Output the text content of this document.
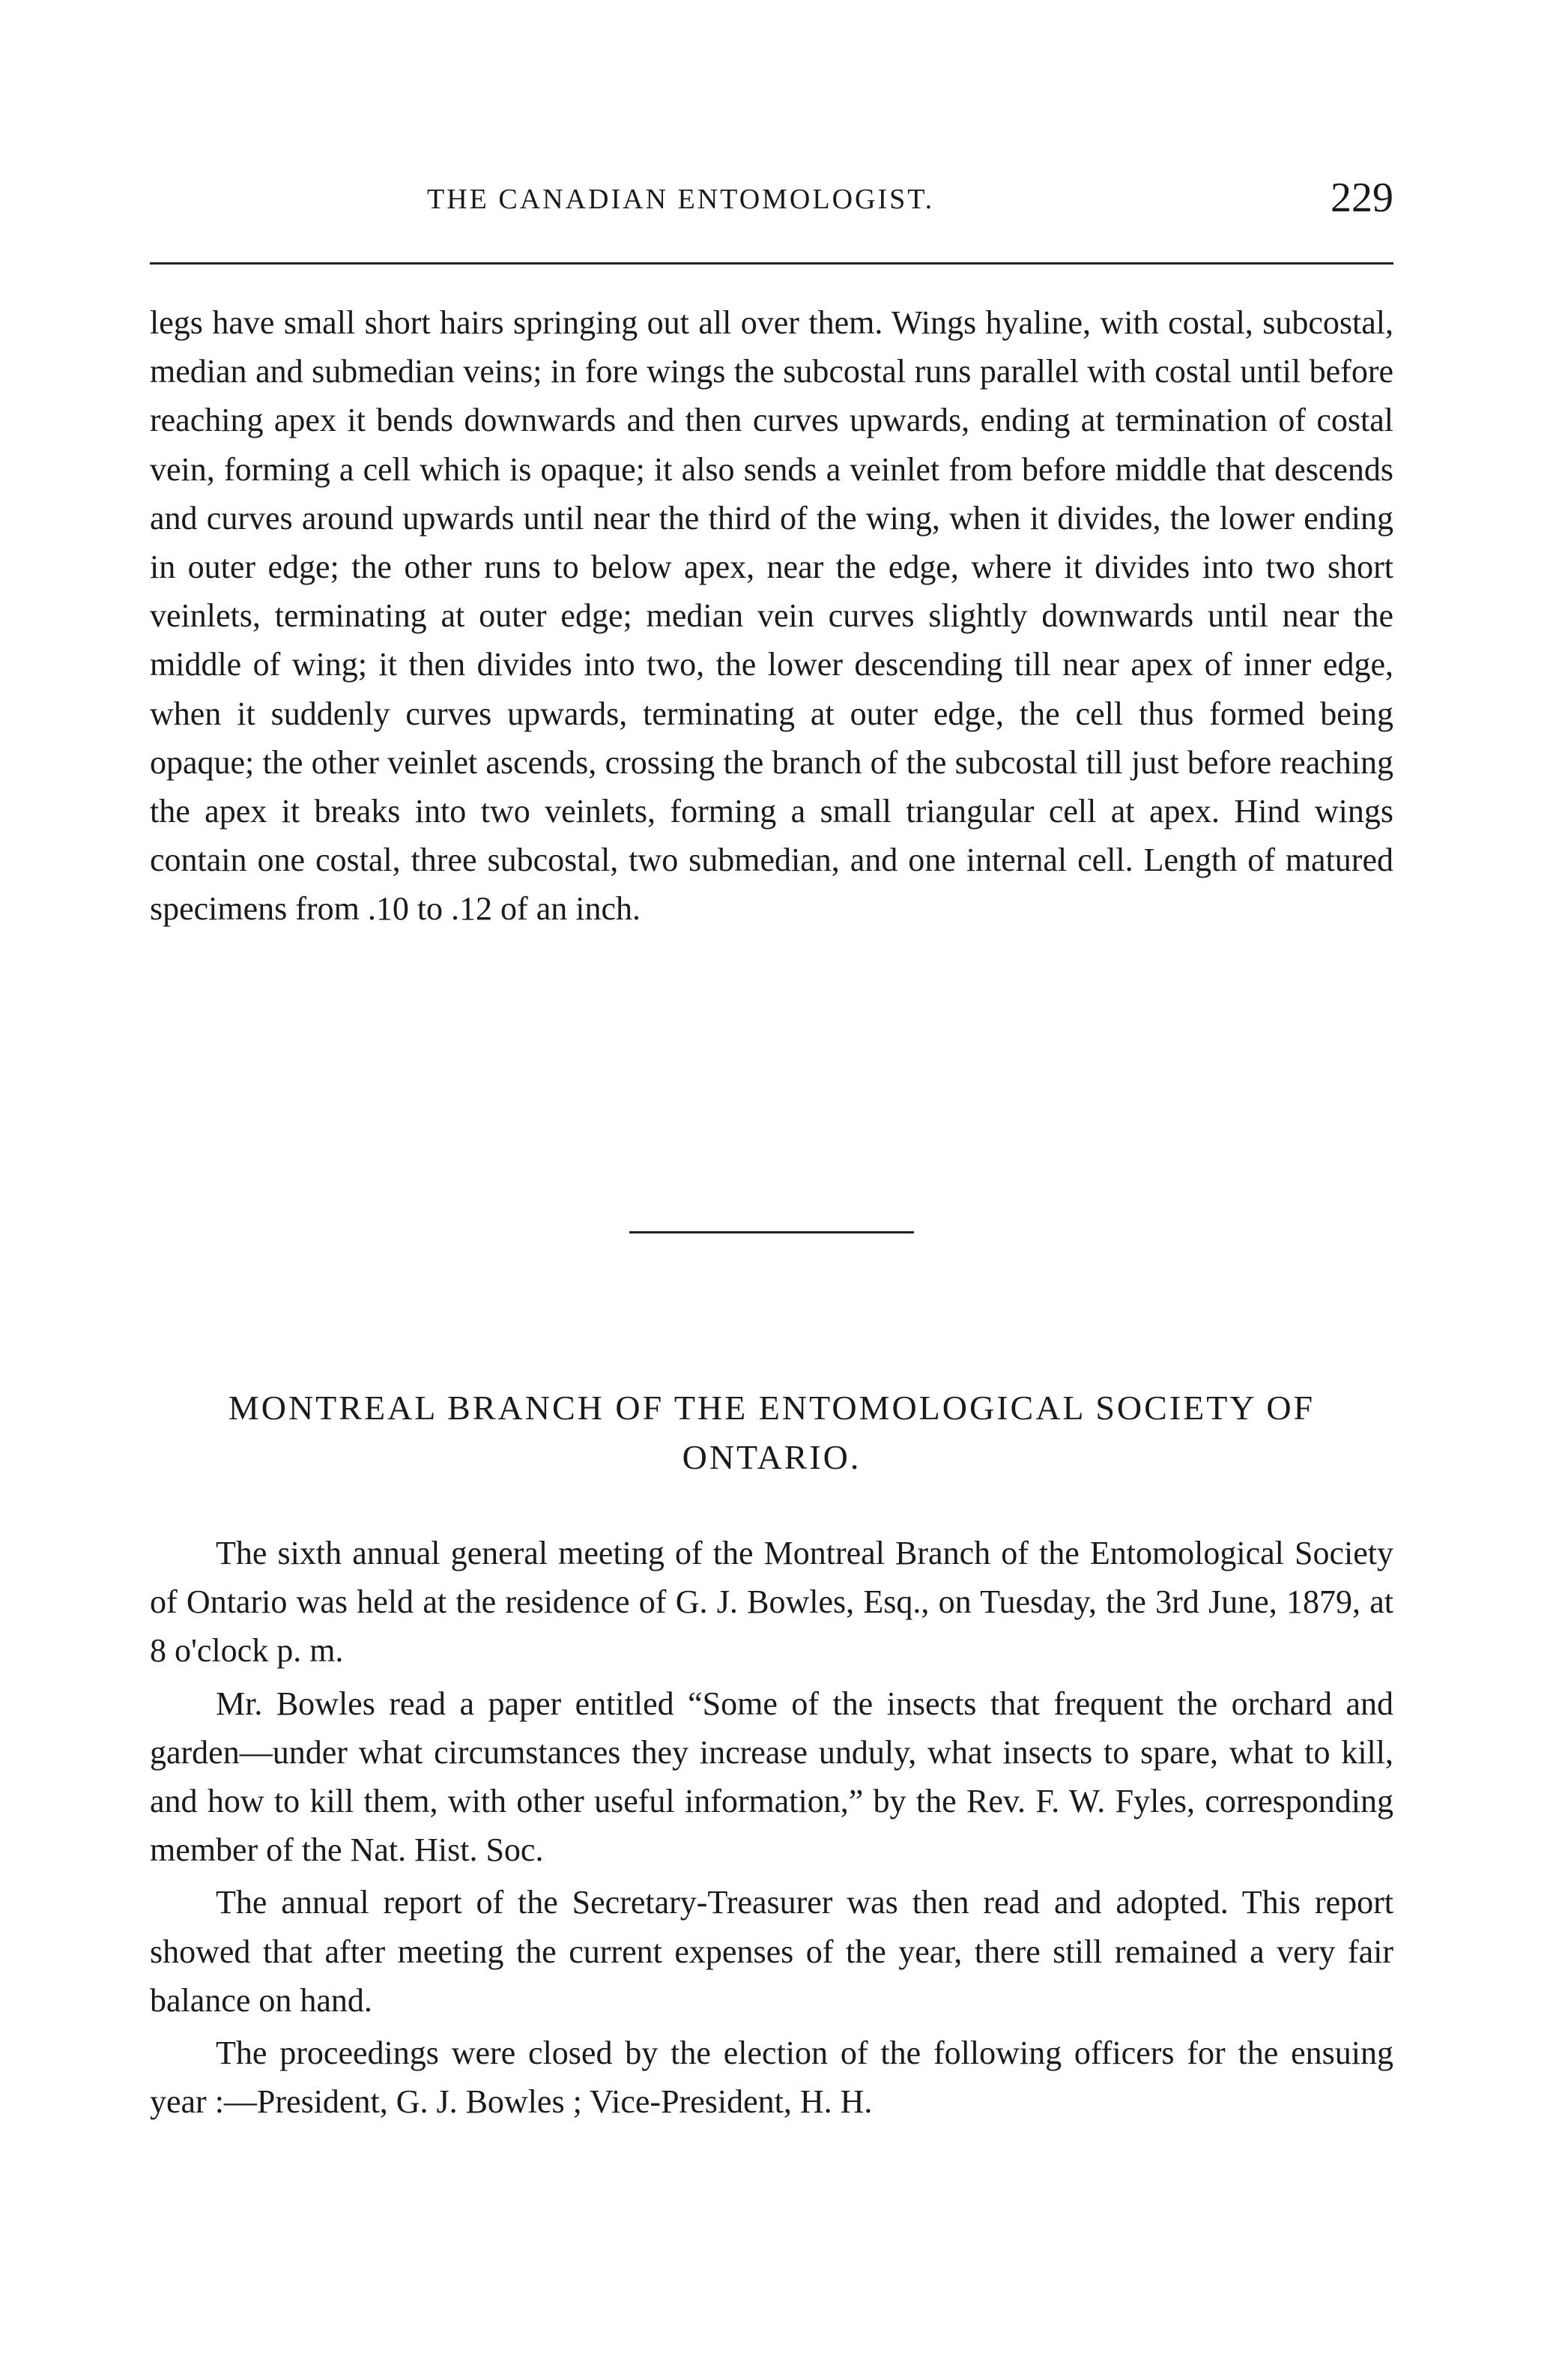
THE CANADIAN ENTOMOLOGIST.	229

legs have small short hairs springing out all over them. Wings hyaline, with costal, subcostal, median and submedian veins; in fore wings the subcostal runs parallel with costal until before reaching apex it bends downwards and then curves upwards, ending at termination of costal vein, forming a cell which is opaque; it also sends a veinlet from before middle that descends and curves around upwards until near the third of the wing, when it divides, the lower ending in outer edge; the other runs to below apex, near the edge, where it divides into two short veinlets, terminating at outer edge; median vein curves slightly downwards until near the middle of wing; it then divides into two, the lower descending till near apex of inner edge, when it suddenly curves upwards, terminating at outer edge, the cell thus formed being opaque; the other veinlet ascends, crossing the branch of the subcostal till just before reaching the apex it breaks into two veinlets, forming a small triangular cell at apex. Hind wings contain one costal, three subcostal, two submedian, and one internal cell. Length of matured specimens from .10 to .12 of an inch.

MONTREAL BRANCH OF THE ENTOMOLOGICAL SOCIETY OF ONTARIO.

The sixth annual general meeting of the Montreal Branch of the Entomological Society of Ontario was held at the residence of G. J. Bowles, Esq., on Tuesday, the 3rd June, 1879, at 8 o'clock p. m.

Mr. Bowles read a paper entitled “Some of the insects that frequent the orchard and garden—under what circumstances they increase unduly, what insects to spare, what to kill, and how to kill them, with other useful information,” by the Rev. F. W. Fyles, corresponding member of the Nat. Hist. Soc.

The annual report of the Secretary-Treasurer was then read and adopted. This report showed that after meeting the current expenses of the year, there still remained a very fair balance on hand.

The proceedings were closed by the election of the following officers for the ensuing year :—President, G. J. Bowles ; Vice-President, H. H.
